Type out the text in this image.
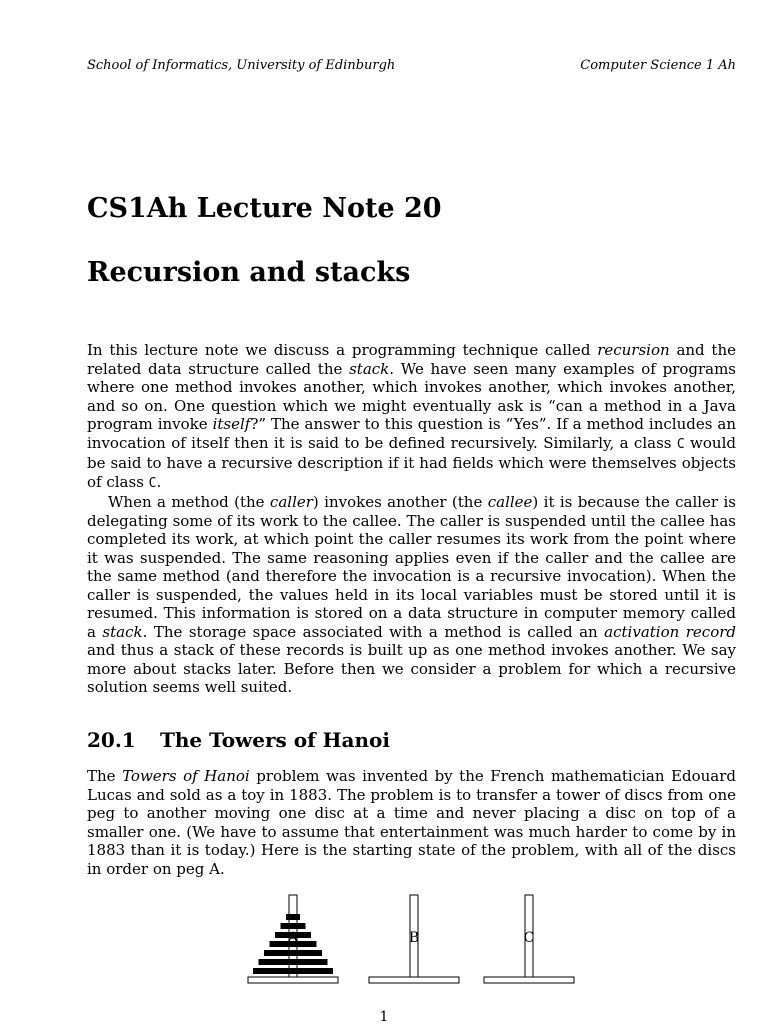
School of Informatics, University of Edinburgh	Computer Science 1 Ah
CS1Ah Lecture Note 20
Recursion and stacks

In this lecture note we discuss a programming technique called recursion and the related data structure called the stack. We have seen many examples of programs where one method invokes another, which invokes another, which invokes another, and so on. One question which we might eventually ask is “can a method in a Java program invoke itself?” The answer to this question is “Yes”. If a method includes an invocation of itself then it is said to be defined recursively. Similarly, a class C would be said to have a recursive description if it had fields which were themselves objects of class C.

When a method (the caller) invokes another (the callee) it is because the caller is delegating some of its work to the callee. The caller is suspended until the callee has completed its work, at which point the caller resumes its work from the point where it was suspended. The same reasoning applies even if the caller and the callee are the same method (and therefore the invocation is a recursive invocation). When the caller is suspended, the values held in its local variables must be stored until it is resumed. This information is stored on a data structure in computer memory called a stack. The storage space associated with a method is called an activation record and thus a stack of these records is built up as one method invokes another. We say more about stacks later. Before then we consider a problem for which a recursive solution seems well suited.

20.1 The Towers of Hanoi

The Towers of Hanoi problem was invented by the French mathematician Edouard Lucas and sold as a toy in 1883. The problem is to transfer a tower of discs from one peg to another moving one disc at a time and never placing a disc on top of a smaller one. (We have to assume that entertainment was much harder to come by in 1883 than it is today.) Here is the starting state of the problem, with all of the discs in order on peg A.

A	B	C
1
